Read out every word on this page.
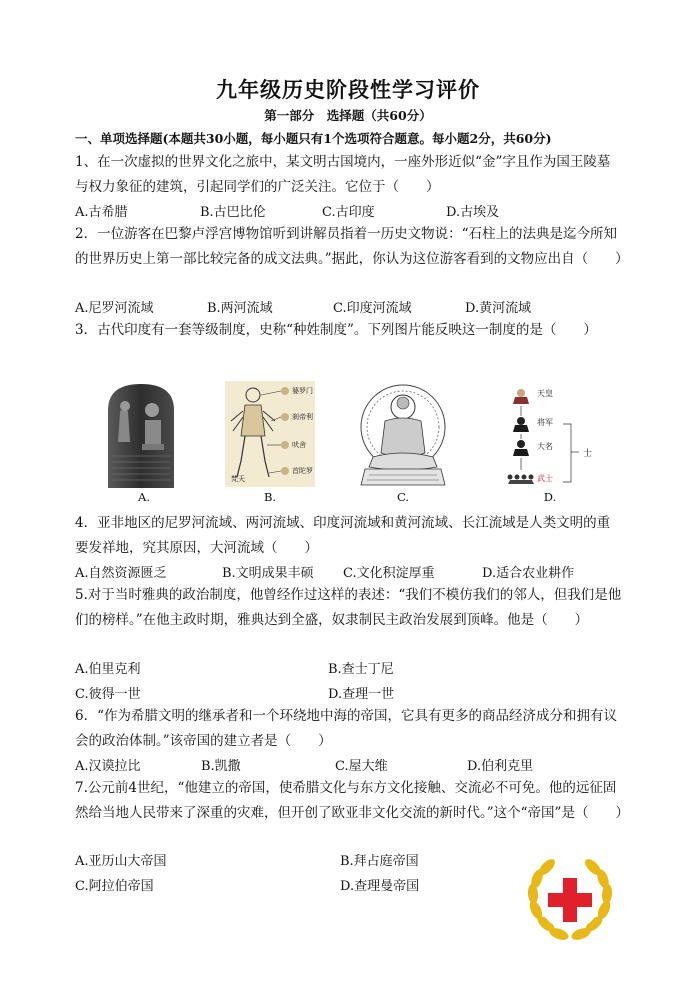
九年级历史阶段性学习评价
第一部分　选择题（共60分）
一、单项选择题(本题共30小题，每小题只有1个选项符合题意。每小题2分，共60分)
1、在一次虚拟的世界文化之旅中，某文明古国境内，一座外形近似“金”字且作为国王陵墓与权力象征的建筑，引起同学们的广泛关注。它位于（　　）
A.古希腊	B.古巴比伦	C.古印度	D.古埃及
2．一位游客在巴黎卢浮宫博物馆听到讲解员指着一历史文物说：“石柱上的法典是迄今所知的世界历史上第一部比较完备的成文法典。”据此，你认为这位游客看到的文物应出自（　　）
A.尼罗河流域	B.两河流域	C.印度河流域	D.黄河流域
3．古代印度有一套等级制度，史称“种姓制度”。下列图片能反映这一制度的是（　　）
A.
婆罗门
刹帝利
吠舍
首陀罗
梵天
B.	C.
天皇
将军
大名
武士
士
D.
4．亚非地区的尼罗河流域、两河流域、印度河流域和黄河流域、长江流域是人类文明的重要发祥地，究其原因，大河流域（　　）
A.自然资源匮乏	B.文明成果丰硕 C.文化积淀厚重	D.适合农业耕作
5.对于当时雅典的政治制度，他曾经作过这样的表述：“我们不模仿我们的邻人，但我们是他们的榜样。”在他主政时期，雅典达到全盛，奴隶制民主政治发展到顶峰。他是（　　）
A.伯里克利	B.查士丁尼
C.彼得一世	D.查理一世
6．“作为希腊文明的继承者和一个环绕地中海的帝国，它具有更多的商品经济成分和拥有议会的政治体制。”该帝国的建立者是（　　）
A.汉谟拉比	B.凯撒	C.屋大维	D.伯利克里
7.公元前4世纪，“他建立的帝国，使希腊文化与东方文化接触、交流必不可免。他的远征固然给当地人民带来了深重的灾难，但开创了欧亚非文化交流的新时代。”这个“帝国”是（　　）
A.亚历山大帝国	B.拜占庭帝国
C.阿拉伯帝国	D.查理曼帝国
